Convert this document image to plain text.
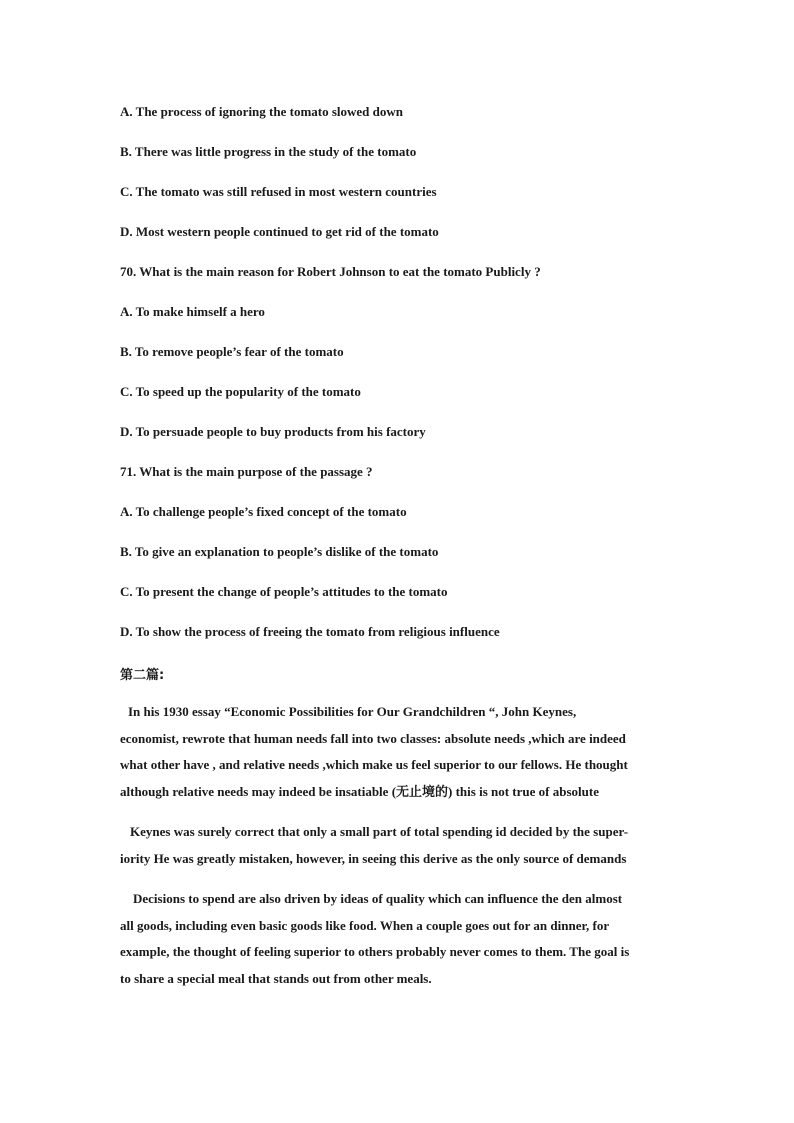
A. The process of ignoring the tomato slowed down
B. There was little progress in the study of the tomato
C. The tomato was still refused in most western countries
D. Most western people continued to get rid of the tomato
70. What is the main reason for Robert Johnson to eat the tomato Publicly ?
A. To make himself a hero
B. To remove people’s fear of the tomato
C. To speed up the popularity of the tomato
D. To persuade people to buy products from his factory
71. What is the main purpose of the passage ?
A. To challenge people’s fixed concept of the tomato
B. To give an explanation to people’s dislike of the tomato
C. To present the change of people’s attitudes to the tomato
D. To show the process of freeing the tomato from religious influence
第二篇:
In his 1930 essay “Economic Possibilities for Our Grandchildren “, John Keynes,
economist, rewrote that human needs fall into two classes: absolute needs ,which are indeed
what other have , and relative needs ,which make us feel superior to our fellows. He thought
although relative needs may indeed be insatiable (无止境的) this is not true of absolute
Keynes was surely correct that only a small part of total spending id decided by the super-
iority He was greatly mistaken, however, in seeing this derive as the only source of demands
Decisions to spend are also driven by ideas of quality which can influence the den almost
all goods, including even basic goods like food. When a couple goes out for an dinner, for
example, the thought of feeling superior to others probably never comes to them. The goal is
to share a special meal that stands out from other meals.
